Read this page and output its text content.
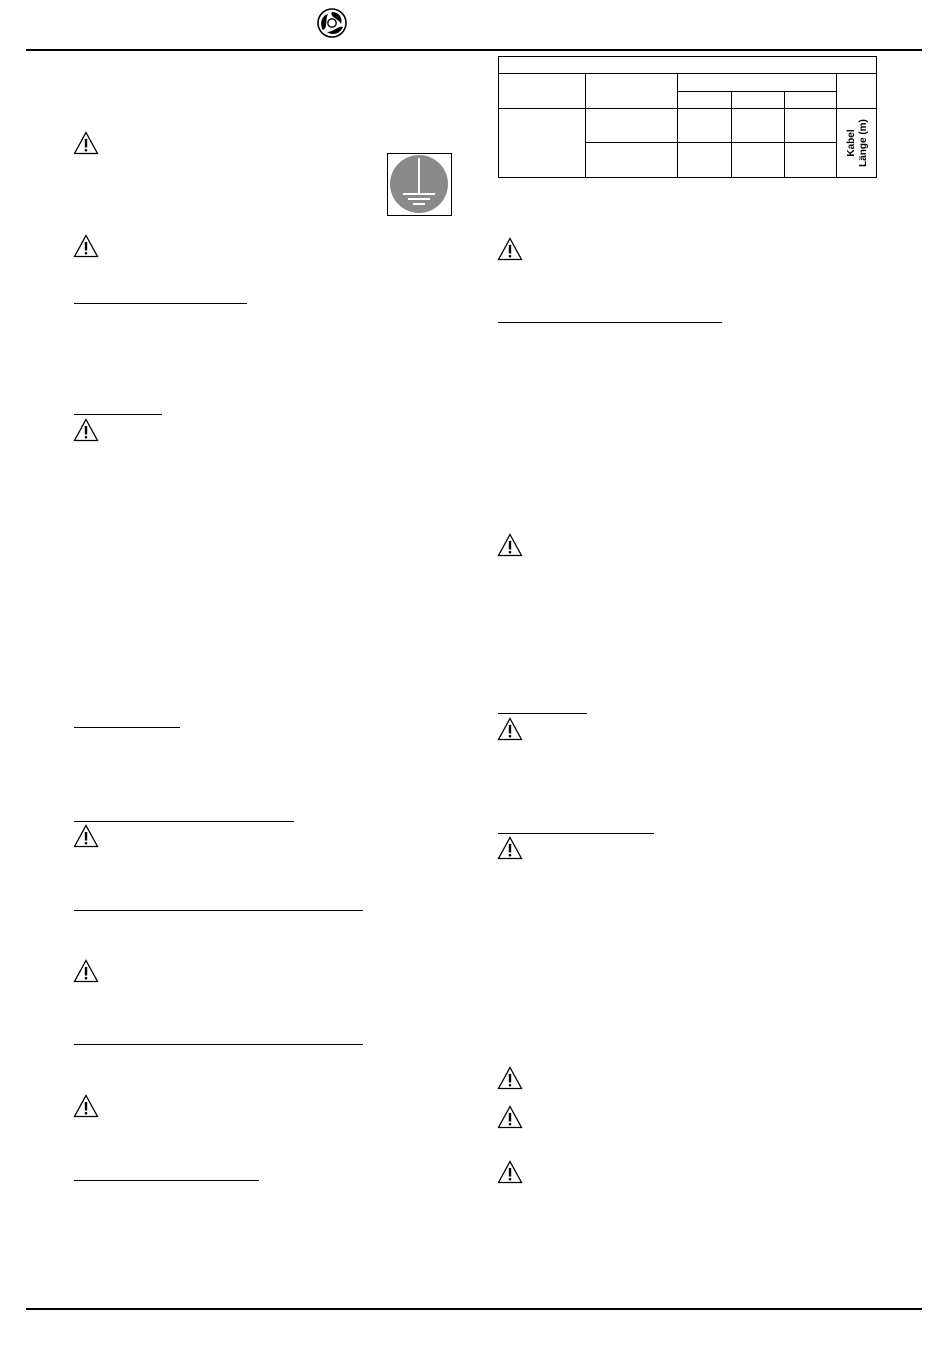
Kabel Länge (m)
